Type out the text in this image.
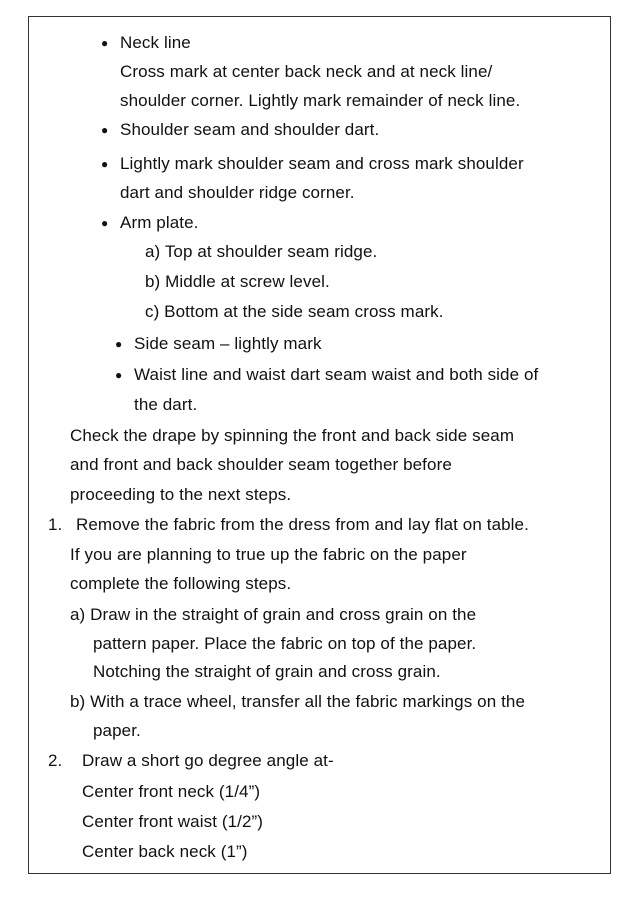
● Neck line
Cross mark at center back neck and at neck line/
shoulder corner. Lightly mark remainder of neck line.
● Shoulder seam and shoulder dart.
● Lightly mark shoulder seam and cross mark shoulder
dart and shoulder ridge corner.
● Arm plate.
a) Top at shoulder seam ridge.
b) Middle at screw level.
c) Bottom at the side seam cross mark.
● Side seam – lightly mark
● Waist line and waist dart seam waist and both side of
the dart.
Check the drape by spinning the front and back side seam
and front and back shoulder seam together before
proceeding to the next steps.
1. Remove the fabric from the dress from and lay flat on table.
If you are planning to true up the fabric on the paper
complete the following steps.
a) Draw in the straight of grain and cross grain on the
pattern paper. Place the fabric on top of the paper.
Notching the straight of grain and cross grain.
b) With a trace wheel, transfer all the fabric markings on the
paper.
2. Draw a short go degree angle at-
Center front neck (1/4”)
Center front waist (1/2”)
Center back neck (1”)
